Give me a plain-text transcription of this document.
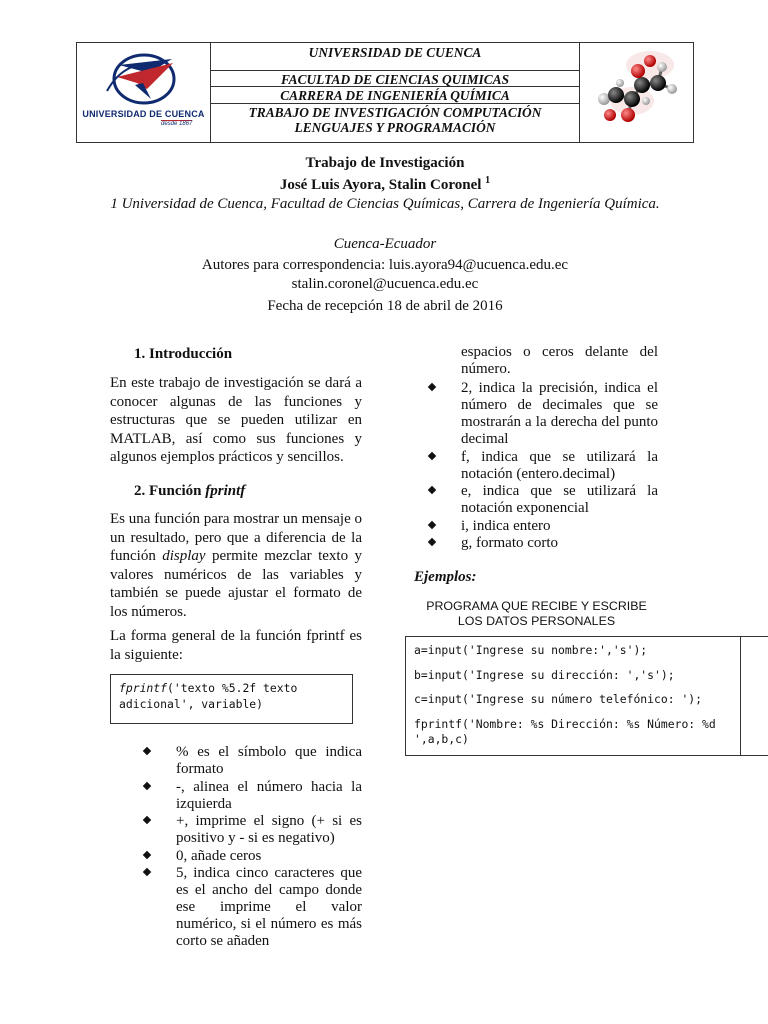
UNIVERSIDAD DE CUENCA
desde 1867
UNIVERSIDAD DE CUENCA
FACULTAD DE CIENCIAS QUIMICAS
CARRERA DE INGENIERÍA QUÍMICA
TRABAJO DE INVESTIGACIÓN COMPUTACIÓN
LENGUAJES Y PROGRAMACIÓN
Trabajo de Investigación
José Luis Ayora, Stalin Coronel $^1$
1 Universidad de Cuenca, Facultad de Ciencias Químicas, Carrera de Ingeniería Química.
Cuenca-Ecuador
Autores para correspondencia: luis.ayora94@ucuenca.edu.ec
stalin.coronel@ucuenca.edu.ec
Fecha de recepción 18 de abril de 2016
1. Introducción
En este trabajo de investigación se dará a conocer algunas de las funciones y estructuras que se pueden utilizar en MATLAB, así como sus funciones y algunos ejemplos prácticos y sencillos.
2. Función fprintf
Es una función para mostrar un mensaje o un resultado, pero que a diferencia de la función display permite mezclar texto y valores numéricos de las variables y también se puede ajustar el formato de los números.
La forma general de la función fprintf es la siguiente:
fprintf('texto %5.2f texto
adicional', variable)
% es el símbolo que indica formato
-, alinea el número hacia la izquierda
+, imprime el signo (+ si es positivo y - si es negativo)
0, añade ceros
5, indica cinco caracteres que es el ancho del campo donde ese imprime el valor numérico, si el número es más corto se añaden
espacios o ceros delante del número.
2, indica la precisión, indica el número de decimales que se mostrarán a la derecha del punto decimal
f, indica que se utilizará la notación (entero.decimal)
e, indica que se utilizará la notación exponencial
i, indica entero
g, formato corto
Ejemplos:
PROGRAMA QUE RECIBE Y ESCRIBE
LOS DATOS PERSONALES
a=input('Ingrese su nombre:','s');
b=input('Ingrese su dirección: ','s');
c=input('Ingrese su número telefónico: ');
fprintf('Nombre: %s Dirección: %s Número: %d
',a,b,c)
